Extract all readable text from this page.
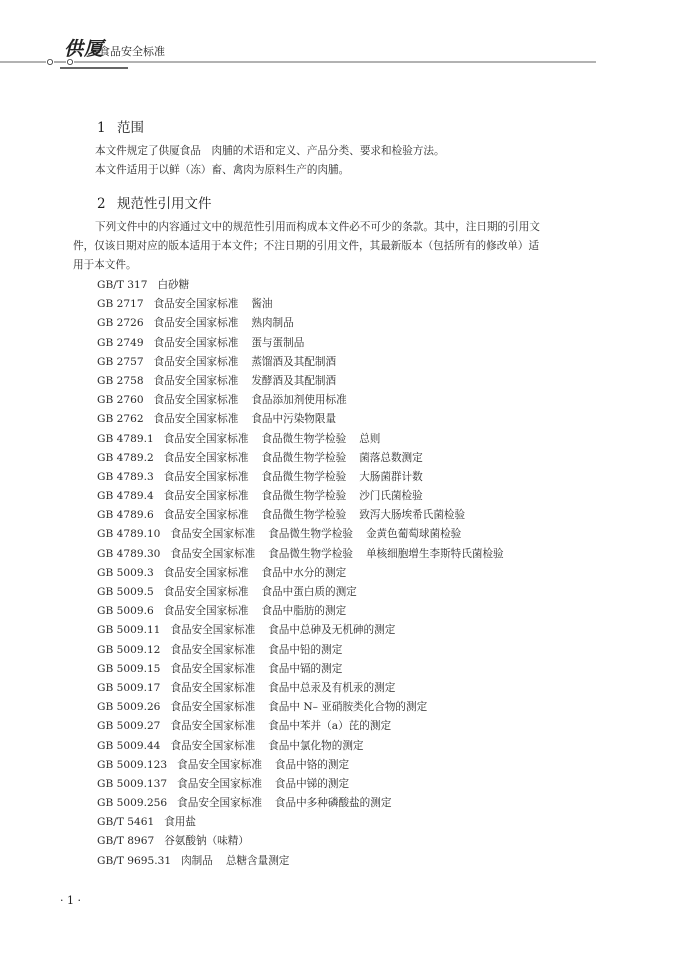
供厦
食品安全标准
1 范围
本文件规定了供厦食品　肉脯的术语和定义、产品分类、要求和检验方法。
本文件适用于以鲜（冻）畜、禽肉为原料生产的肉脯。
2 规范性引用文件
下列文件中的内容通过文中的规范性引用而构成本文件必不可少的条款。其中，注日期的引用文
件，仅该日期对应的版本适用于本文件；不注日期的引用文件，其最新版本（包括所有的修改单）适
用于本文件。
GB/T 317 白砂糖
GB 2717 食品安全国家标准 酱油
GB 2726 食品安全国家标准 熟肉制品
GB 2749 食品安全国家标准 蛋与蛋制品
GB 2757 食品安全国家标准 蒸馏酒及其配制酒
GB 2758 食品安全国家标准 发酵酒及其配制酒
GB 2760 食品安全国家标准 食品添加剂使用标准
GB 2762 食品安全国家标准 食品中污染物限量
GB 4789.1 食品安全国家标准 食品微生物学检验 总则
GB 4789.2 食品安全国家标准 食品微生物学检验 菌落总数测定
GB 4789.3 食品安全国家标准 食品微生物学检验 大肠菌群计数
GB 4789.4 食品安全国家标准 食品微生物学检验 沙门氏菌检验
GB 4789.6 食品安全国家标准 食品微生物学检验 致泻大肠埃希氏菌检验
GB 4789.10 食品安全国家标准 食品微生物学检验 金黄色葡萄球菌检验
GB 4789.30 食品安全国家标准 食品微生物学检验 单核细胞增生李斯特氏菌检验
GB 5009.3 食品安全国家标准 食品中水分的测定
GB 5009.5 食品安全国家标准 食品中蛋白质的测定
GB 5009.6 食品安全国家标准 食品中脂肪的测定
GB 5009.11 食品安全国家标准 食品中总砷及无机砷的测定
GB 5009.12 食品安全国家标准 食品中铅的测定
GB 5009.15 食品安全国家标准 食品中镉的测定
GB 5009.17 食品安全国家标准 食品中总汞及有机汞的测定
GB 5009.26 食品安全国家标准 食品中 N– 亚硝胺类化合物的测定
GB 5009.27 食品安全国家标准 食品中苯并（a）芘的测定
GB 5009.44 食品安全国家标准 食品中氯化物的测定
GB 5009.123 食品安全国家标准 食品中铬的测定
GB 5009.137 食品安全国家标准 食品中锑的测定
GB 5009.256 食品安全国家标准 食品中多种磷酸盐的测定
GB/T 5461 食用盐
GB/T 8967 谷氨酸钠（味精）
GB/T 9695.31 肉制品 总糖含量测定
· 1 ·
